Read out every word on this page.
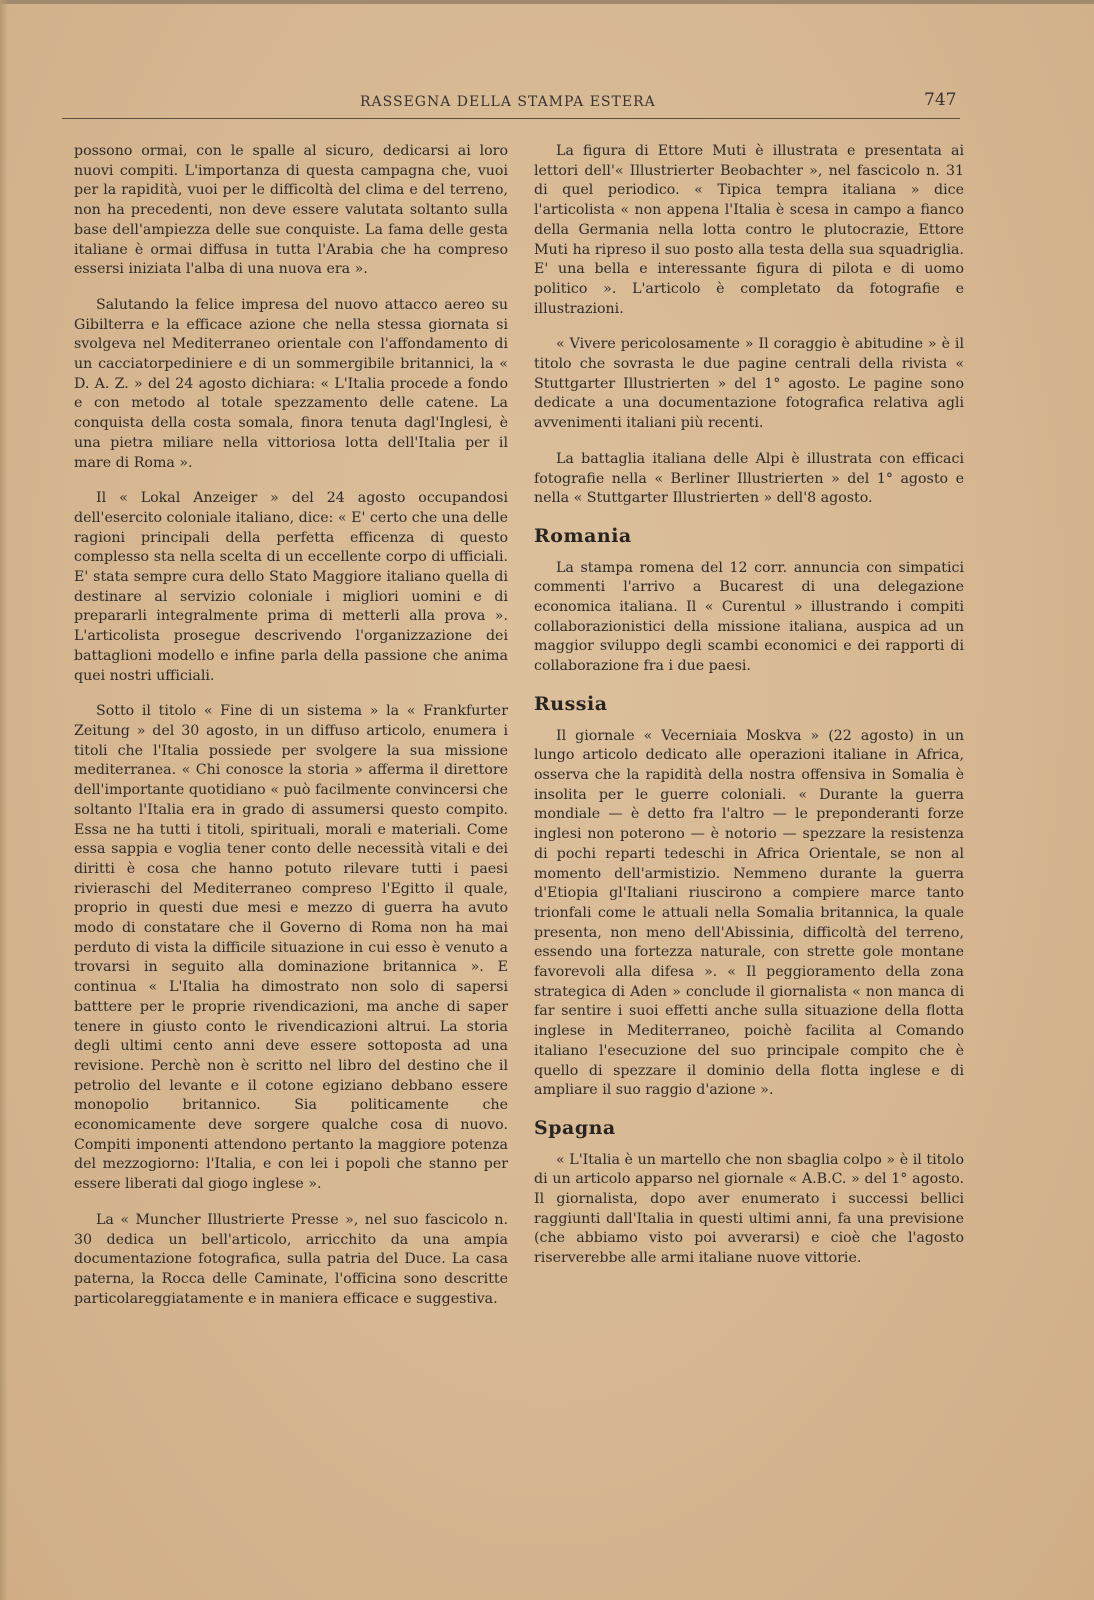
RASSEGNA DELLA STAMPA ESTERA	747

possono ormai, con le spalle al sicuro, dedicarsi ai loro nuovi compiti. L'importanza di questa campagna che, vuoi per la rapidità, vuoi per le difficoltà del clima e del terreno, non ha precedenti, non deve essere valutata soltanto sulla base dell'ampiezza delle sue conquiste. La fama delle gesta italiane è ormai diffusa in tutta l'Arabia che ha compreso essersi iniziata l'alba di una nuova era ».

Salutando la felice impresa del nuovo attacco aereo su Gibilterra e la efficace azione che nella stessa giornata si svolgeva nel Mediterraneo orientale con l'affondamento di un cacciatorpediniere e di un sommergibile britannici, la « D. A. Z. » del 24 agosto dichiara: « L'Italia procede a fondo e con metodo al totale spezzamento delle catene. La conquista della costa somala, finora tenuta dagl'Inglesi, è una pietra miliare nella vittoriosa lotta dell'Italia per il mare di Roma ».

Il « Lokal Anzeiger » del 24 agosto occupandosi dell'esercito coloniale italiano, dice: « E' certo che una delle ragioni principali della perfetta efficenza di questo complesso sta nella scelta di un eccellente corpo di ufficiali. E' stata sempre cura dello Stato Maggiore italiano quella di destinare al servizio coloniale i migliori uomini e di prepararli integralmente prima di metterli alla prova ». L'articolista prosegue descrivendo l'organizzazione dei battaglioni modello e infine parla della passione che anima quei nostri ufficiali.

Sotto il titolo « Fine di un sistema » la « Frankfurter Zeitung » del 30 agosto, in un diffuso articolo, enumera i titoli che l'Italia possiede per svolgere la sua missione mediterranea. « Chi conosce la storia » afferma il direttore dell'importante quotidiano « può facilmente convincersi che soltanto l'Italia era in grado di assumersi questo compito. Essa ne ha tutti i titoli, spirituali, morali e materiali. Come essa sappia e voglia tener conto delle necessità vitali e dei diritti è cosa che hanno potuto rilevare tutti i paesi rivieraschi del Mediterraneo compreso l'Egitto il quale, proprio in questi due mesi e mezzo di guerra ha avuto modo di constatare che il Governo di Roma non ha mai perduto di vista la difficile situazione in cui esso è venuto a trovarsi in seguito alla dominazione britannica ». E continua « L'Italia ha dimostrato non solo di sapersi batttere per le proprie rivendicazioni, ma anche di saper tenere in giusto conto le rivendicazioni altrui. La storia degli ultimi cento anni deve essere sottoposta ad una revisione. Perchè non è scritto nel libro del destino che il petrolio del levante e il cotone egiziano debbano essere monopolio britannico. Sia politicamente che economicamente deve sorgere qualche cosa di nuovo. Compiti imponenti attendono pertanto la maggiore potenza del mezzogiorno: l'Italia, e con lei i popoli che stanno per essere liberati dal giogo inglese ».

La « Muncher Illustrierte Presse », nel suo fascicolo n. 30 dedica un bell'articolo, arricchito da una ampia documentazione fotografica, sulla patria del Duce. La casa paterna, la Rocca delle Caminate, l'officina sono descritte particolareggiatamente e in maniera efficace e suggestiva.

La figura di Ettore Muti è illustrata e presentata ai lettori dell'« Illustrierter Beobachter », nel fascicolo n. 31 di quel periodico. « Tipica tempra italiana » dice l'articolista « non appena l'Italia è scesa in campo a fianco della Germania nella lotta contro le plutocrazie, Ettore Muti ha ripreso il suo posto alla testa della sua squadriglia. E' una bella e interessante figura di pilota e di uomo politico ». L'articolo è completato da fotografie e illustrazioni.

« Vivere pericolosamente » Il coraggio è abitudine » è il titolo che sovrasta le due pagine centrali della rivista « Stuttgarter Illustrierten » del 1° agosto. Le pagine sono dedicate a una documentazione fotografica relativa agli avvenimenti italiani più recenti.

La battaglia italiana delle Alpi è illustrata con efficaci fotografie nella « Berliner Illustrierten » del 1° agosto e nella « Stuttgarter Illustrierten » dell'8 agosto.

Romania

La stampa romena del 12 corr. annuncia con simpatici commenti l'arrivo a Bucarest di una delegazione economica italiana. Il « Curentul » illustrando i compiti collaborazionistici della missione italiana, auspica ad un maggior sviluppo degli scambi economici e dei rapporti di collaborazione fra i due paesi.

Russia

Il giornale « Vecerniaia Moskva » (22 agosto) in un lungo articolo dedicato alle operazioni italiane in Africa, osserva che la rapidità della nostra offensiva in Somalia è insolita per le guerre coloniali. « Durante la guerra mondiale — è detto fra l'altro — le preponderanti forze inglesi non poterono — è notorio — spezzare la resistenza di pochi reparti tedeschi in Africa Orientale, se non al momento dell'armistizio. Nemmeno durante la guerra d'Etiopia gl'Italiani riuscirono a compiere marce tanto trionfali come le attuali nella Somalia britannica, la quale presenta, non meno dell'Abissinia, difficoltà del terreno, essendo una fortezza naturale, con strette gole montane favorevoli alla difesa ». « Il peggioramento della zona strategica di Aden » conclude il giornalista « non manca di far sentire i suoi effetti anche sulla situazione della flotta inglese in Mediterraneo, poichè facilita al Comando italiano l'esecuzione del suo principale compito che è quello di spezzare il dominio della flotta inglese e di ampliare il suo raggio d'azione ».

Spagna

« L'Italia è un martello che non sbaglia colpo » è il titolo di un articolo apparso nel giornale « A.B.C. » del 1° agosto. Il giornalista, dopo aver enumerato i successi bellici raggiunti dall'Italia in questi ultimi anni, fa una previsione (che abbiamo visto poi avverarsi) e cioè che l'agosto riserverebbe alle armi italiane nuove vittorie.
